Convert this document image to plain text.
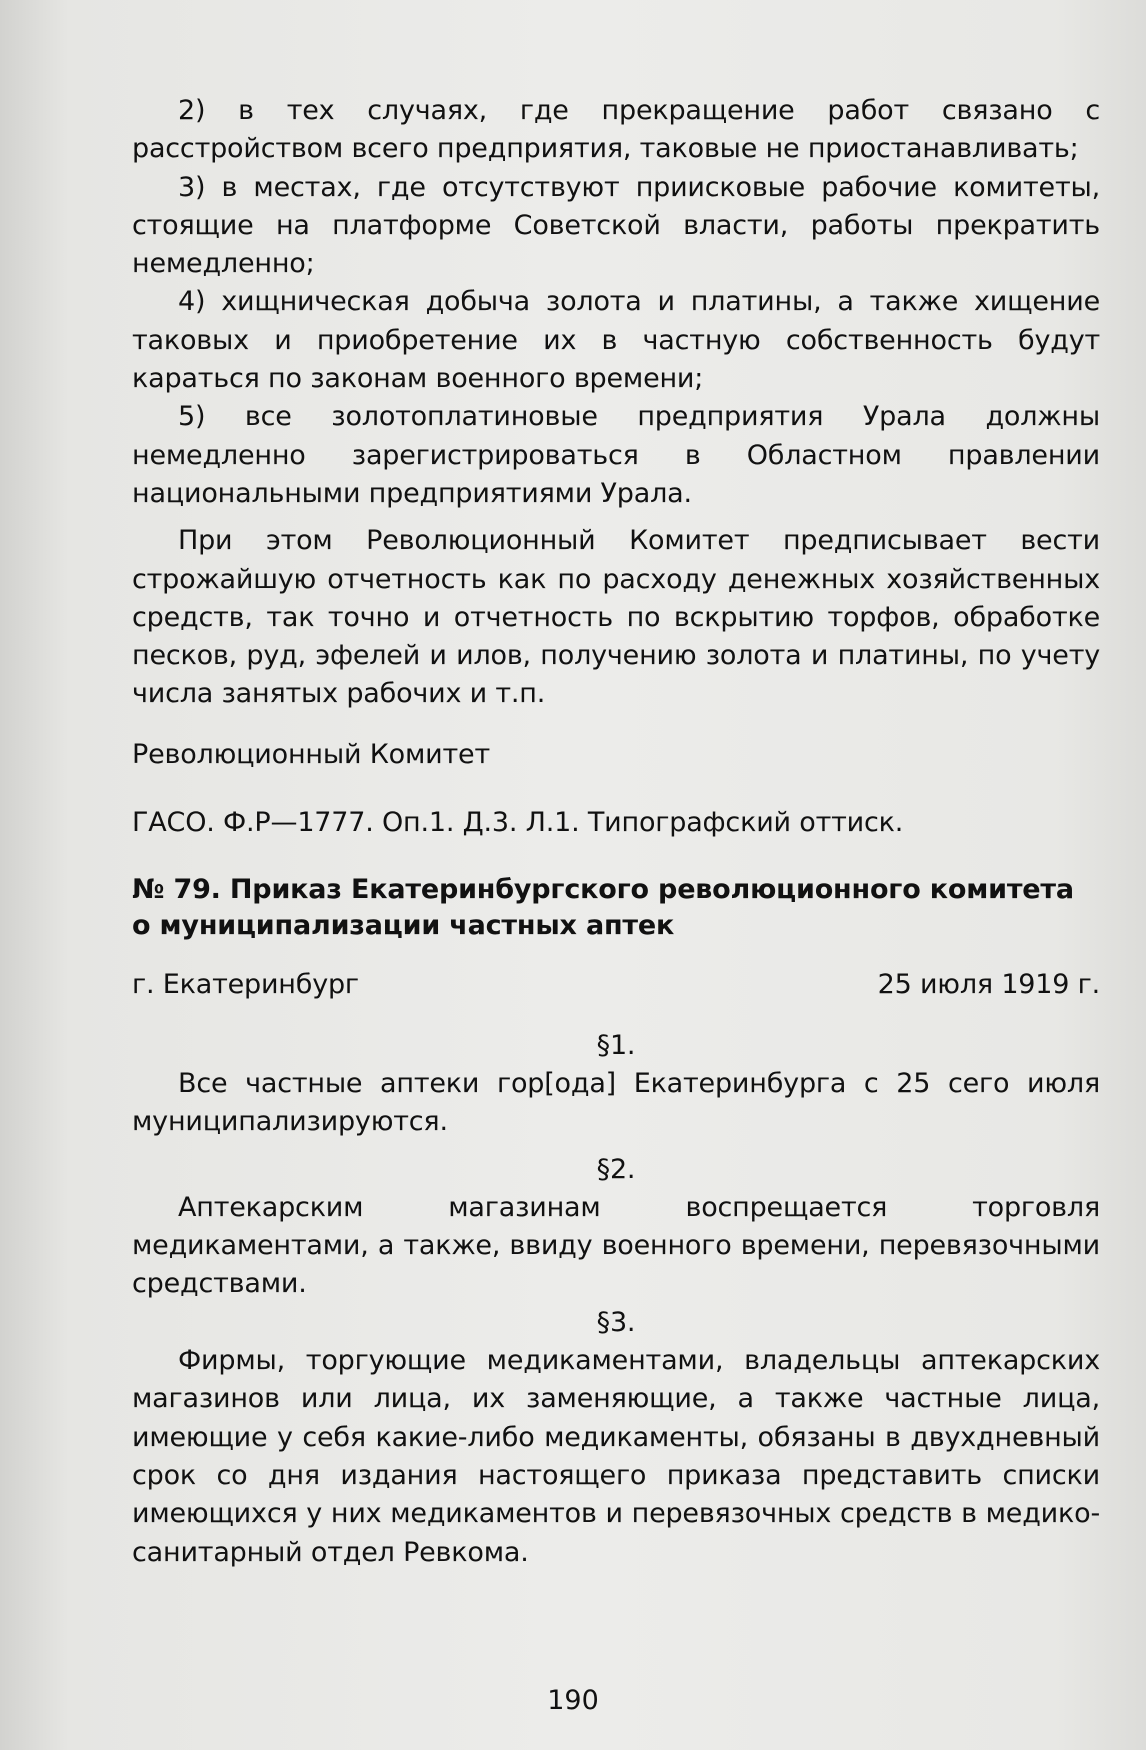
2) в тех случаях, где прекращение работ связано с расстройством всего предприятия, таковые не приостанавливать;

3) в местах, где отсутствуют приисковые рабочие комитеты, стоящие на платформе Советской власти, работы прекратить немедленно;

4) хищническая добыча золота и платины, а также хищение таковых и приобретение их в частную собственность будут караться по законам военного времени;

5) все золотоплатиновые предприятия Урала должны немедленно зарегистрироваться в Областном правлении национальными предприятиями Урала.

При этом Революционный Комитет предписывает вести строжайшую отчетность как по расходу денежных хозяйственных средств, так точно и отчетность по вскрытию торфов, обработке песков, руд, эфелей и илов, получению золота и платины, по учету числа занятых рабочих и т.п.

Революционный Комитет

ГАСО. Ф.Р—1777. Оп.1. Д.3. Л.1. Типографский оттиск.

№ 79. Приказ Екатеринбургского революционного комитета о муниципализации частных аптек

г. Екатеринбург	25 июля 1919 г.

§1.

Все частные аптеки гор[ода] Екатеринбурга с 25 сего июля муниципализируются.

§2.

Аптекарским магазинам воспрещается торговля медикаментами, а также, ввиду военного времени, перевязочными средствами.

§3.

Фирмы, торгующие медикаментами, владельцы аптекарских магазинов или лица, их заменяющие, а также частные лица, имеющие у себя какие-либо медикаменты, обязаны в двухдневный срок со дня издания настоящего приказа представить списки имеющихся у них медикаментов и перевязочных средств в медико-санитарный отдел Ревкома.

190
